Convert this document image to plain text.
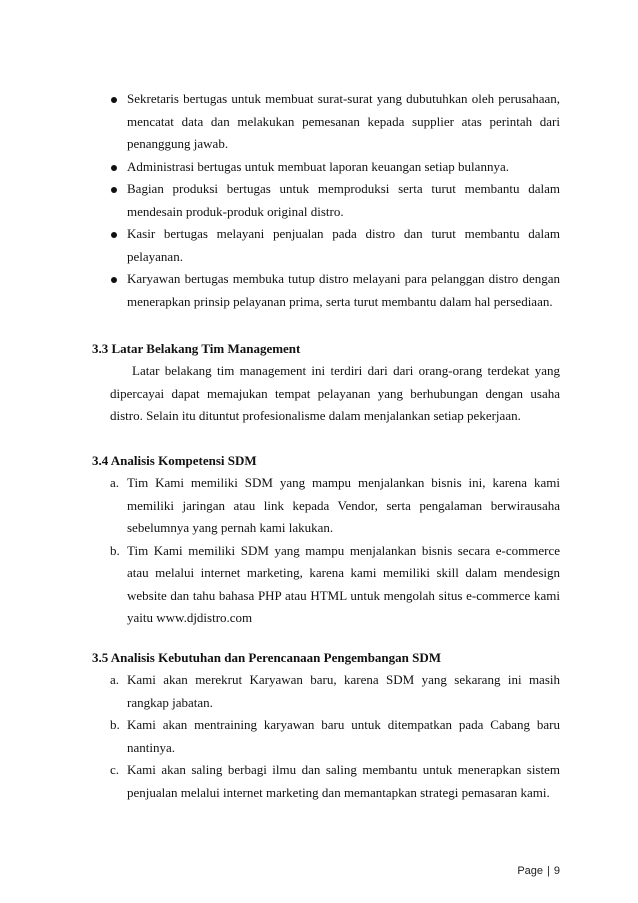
Sekretaris bertugas untuk membuat surat-surat yang dubutuhkan oleh perusahaan, mencatat data dan melakukan pemesanan kepada supplier atas perintah dari penanggung jawab.
Administrasi bertugas untuk membuat laporan keuangan setiap bulannya.
Bagian produksi bertugas untuk memproduksi serta turut membantu dalam mendesain produk-produk original distro.
Kasir bertugas melayani penjualan pada distro dan turut membantu dalam pelayanan.
Karyawan bertugas membuka tutup distro melayani para pelanggan distro dengan menerapkan prinsip pelayanan prima, serta turut membantu dalam hal persediaan.
3.3 Latar Belakang Tim Management
Latar belakang tim management ini terdiri dari dari orang-orang terdekat yang dipercayai dapat memajukan tempat pelayanan yang berhubungan dengan usaha distro. Selain itu dituntut profesionalisme dalam menjalankan setiap pekerjaan.
3.4 Analisis Kompetensi SDM
a. Tim Kami memiliki SDM yang mampu menjalankan bisnis ini, karena kami memiliki jaringan atau link kepada Vendor, serta pengalaman berwirausaha sebelumnya yang pernah kami lakukan.
b. Tim Kami memiliki SDM yang mampu menjalankan bisnis secara e-commerce atau melalui internet marketing, karena kami memiliki skill dalam mendesign website dan tahu bahasa PHP atau HTML untuk mengolah situs e-commerce kami yaitu www.djdistro.com
3.5 Analisis Kebutuhan dan Perencanaan Pengembangan SDM
a. Kami akan merekrut Karyawan baru, karena SDM yang sekarang ini masih rangkap jabatan.
b. Kami akan mentraining karyawan baru untuk ditempatkan pada Cabang baru nantinya.
c. Kami akan saling berbagi ilmu dan saling membantu untuk menerapkan sistem penjualan melalui internet marketing dan memantapkan strategi pemasaran kami.
Page | 9
